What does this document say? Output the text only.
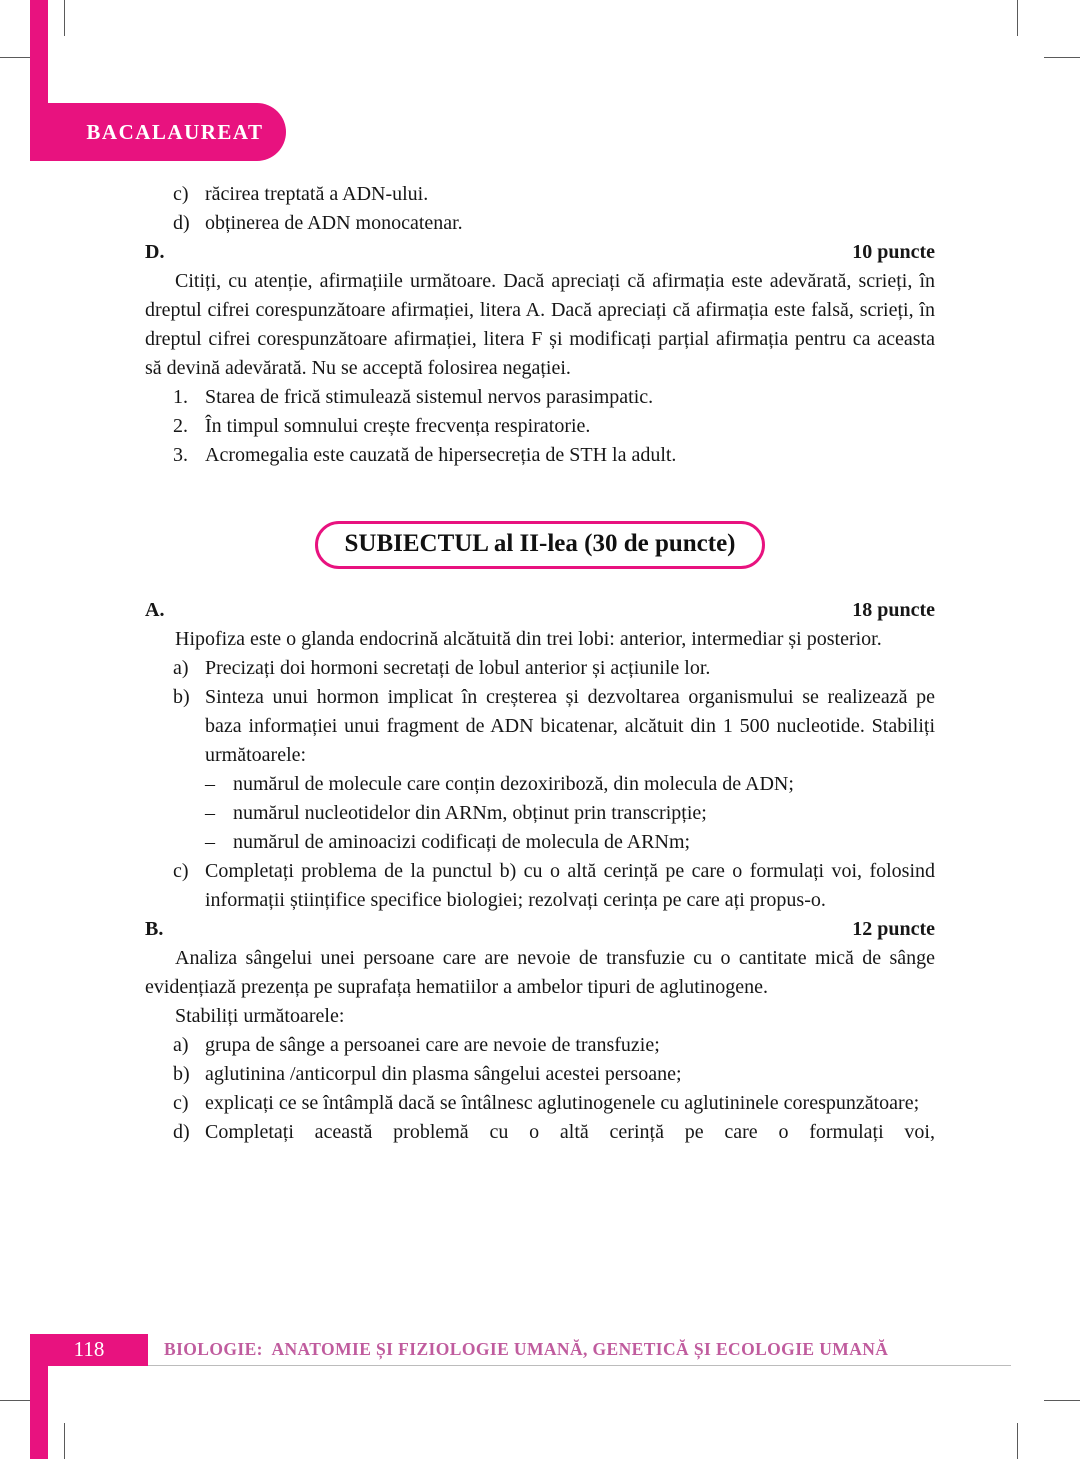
BACALAUREAT
c) răcirea treptată a ADN-ului.
d) obținerea de ADN monocatenar.
D.	10 puncte

Citiți, cu atenție, afirmațiile următoare. Dacă apreciați că afirmația este adevărată, scrieți, în dreptul cifrei corespunzătoare afirmației, litera A. Dacă apreciați că afirmația este falsă, scrieți, în dreptul cifrei corespunzătoare afirmației, litera F și modificați parțial afirmația pentru ca aceasta să devină adevărată. Nu se acceptă folosirea negației.

1. Starea de frică stimulează sistemul nervos parasimpatic.
2. În timpul somnului crește frecvența respiratorie.
3. Acromegalia este cauzată de hipersecreția de STH la adult.
SUBIECTUL al II-lea (30 de puncte)
A.	18 puncte

Hipofiza este o glanda endocrină alcătuită din trei lobi: anterior, intermediar și posterior.

a) Precizați doi hormoni secretați de lobul anterior și acțiunile lor.
b) Sinteza unui hormon implicat în creșterea și dezvoltarea organismului se realizează pe baza informației unui fragment de ADN bicatenar, alcătuit din 1 500 nucleotide. Stabiliți următoarele:
– numărul de molecule care conțin dezoxiriboză, din molecula de ADN;
– numărul nucleotidelor din ARNm, obținut prin transcripție;
– numărul de aminoacizi codificați de molecula de ARNm;
c) Completați problema de la punctul b) cu o altă cerință pe care o formulați voi, folosind informații științifice specifice biologiei; rezolvați cerința pe care ați propus-o.
B.	12 puncte

Analiza sângelui unei persoane care are nevoie de transfuzie cu o cantitate mică de sânge evidențiază prezența pe suprafața hematiilor a ambelor tipuri de aglutinogene.

Stabiliți următoarele:

a) grupa de sânge a persoanei care are nevoie de transfuzie;
b) aglutinina /anticorpul din plasma sângelui acestei persoane;
c) explicați ce se întâmplă dacă se întâlnesc aglutinogenele cu aglutininele corespunzătoare;
d) Completați această problemă cu o altă cerință pe care o formulați voi,
118	BIOLOGIE:  ANATOMIE ȘI FIZIOLOGIE UMANĂ, GENETICĂ ȘI ECOLOGIE UMANĂ
